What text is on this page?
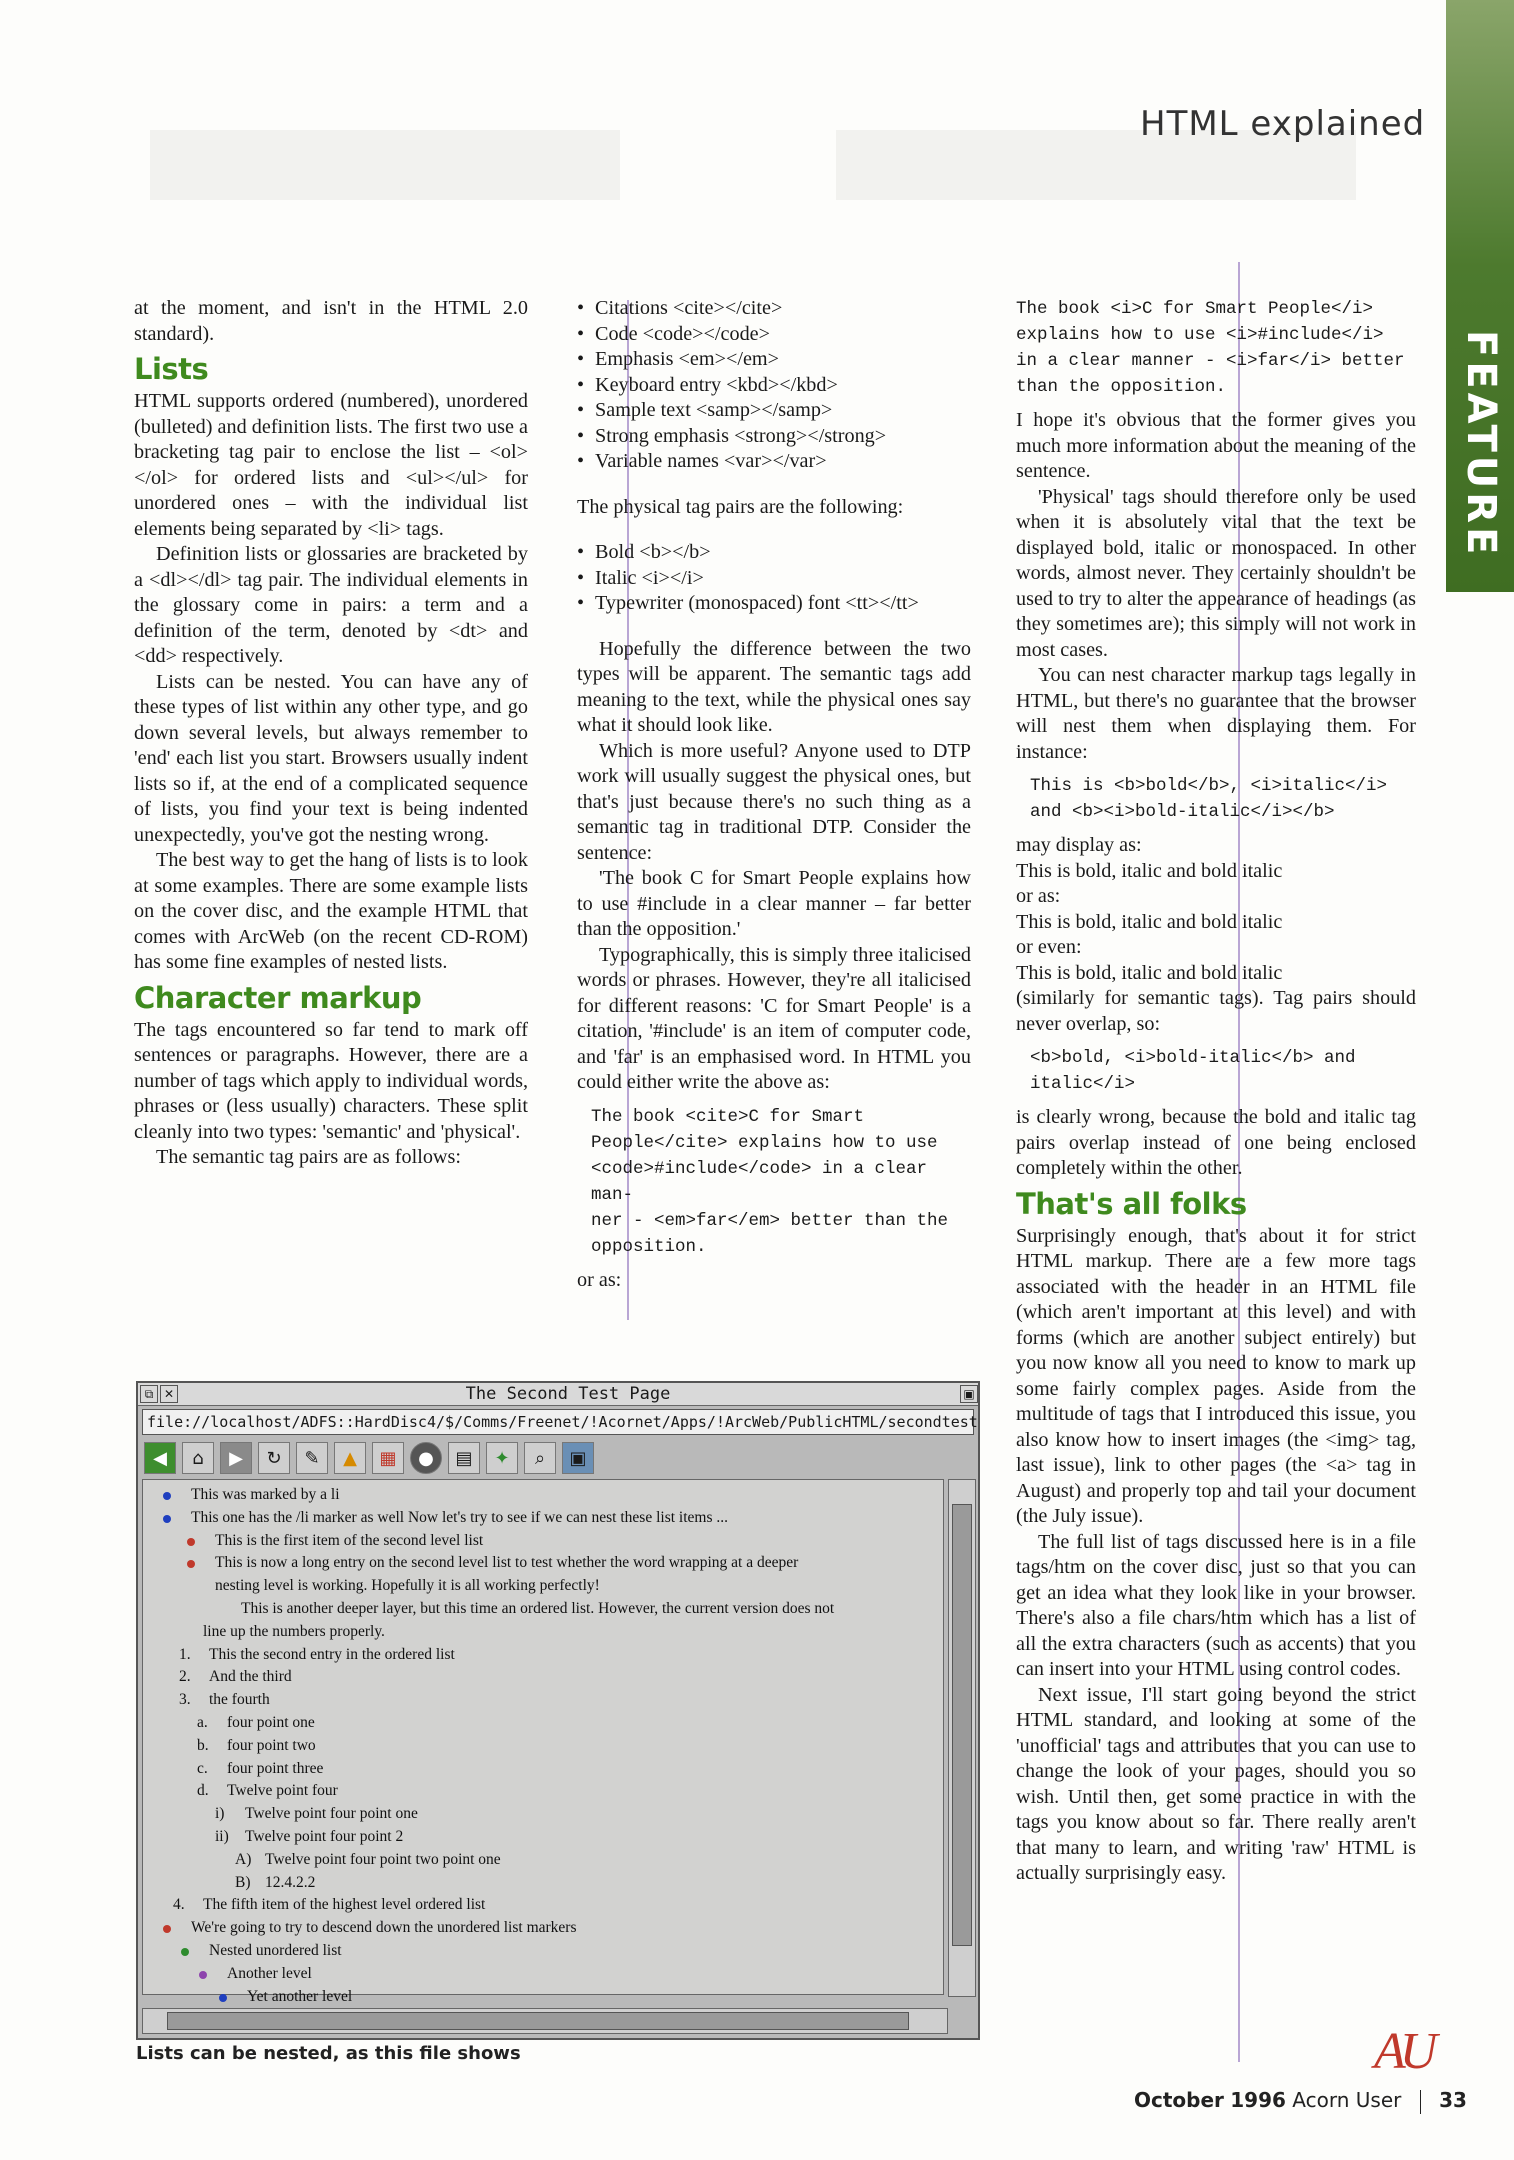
HTML explained
FEATURE

at the moment, and isn't in the HTML 2.0 standard).

Lists

HTML supports ordered (numbered), unordered (bulleted) and definition lists. The first two use a bracketing tag pair to enclose the list – <ol></ol> for ordered lists and <ul></ul> for unordered ones – with the individual list elements being separated by <li> tags.

Definition lists or glossaries are bracketed by a <dl></dl> tag pair. The individual elements in the glossary come in pairs: a term and a definition of the term, denoted by <dt> and <dd> respectively.

Lists can be nested. You can have any of these types of list within any other type, and go down several levels, but always remember to 'end' each list you start. Browsers usually indent lists so if, at the end of a complicated sequence of lists, you find your text is being indented unexpectedly, you've got the nesting wrong.

The best way to get the hang of lists is to look at some examples. There are some example lists on the cover disc, and the example HTML that comes with ArcWeb (on the recent CD-ROM) has some fine examples of nested lists.

Character markup

The tags encountered so far tend to mark off sentences or paragraphs. However, there are a number of tags which apply to individual words, phrases or (less usually) characters. These split cleanly into two types: 'semantic' and 'physical'.

The semantic tag pairs are as follows:

• Citations <cite></cite>
• Code <code></code>
• Emphasis <em></em>
• Keyboard entry <kbd></kbd>
• Sample text <samp></samp>
• Strong emphasis <strong></strong>
• Variable names <var></var>

The physical tag pairs are the following:

• Bold <b></b>
• Italic <i></i>
• Typewriter (monospaced) font <tt></tt>

Hopefully the difference between the two types will be apparent. The semantic tags add meaning to the text, while the physical ones say what it should look like.

Which is more useful? Anyone used to DTP work will usually suggest the physical ones, but that's just because there's no such thing as a semantic tag in traditional DTP. Consider the sentence:

'The book C for Smart People explains how to use #include in a clear manner – far better than the opposition.'

Typographically, this is simply three italicised words or phrases. However, they're all italicised for different reasons: 'C for Smart People' is a citation, '#include' is an item of computer code, and 'far' is an emphasised word. In HTML you could either write the above as:

The book <cite>C for Smart
People</cite> explains how to use
<code>#include</code> in a clear man-
ner - <em>far</em> better than the
opposition.

or as:

The book <i>C for Smart People</i>
explains how to use <i>#include</i>
in a clear manner - <i>far</i> better
than the opposition.

I hope it's obvious that the former gives you much more information about the meaning of the sentence.

'Physical' tags should therefore only be used when it is absolutely vital that the text be displayed bold, italic or monospaced. In other words, almost never. They certainly shouldn't be used to try to alter the appearance of headings (as they sometimes are); this simply will not work in most cases.

You can nest character markup tags legally in HTML, but there's no guarantee that the browser will nest them when displaying them. For instance:

This is <b>bold</b>, <i>italic</i>
and <b><i>bold-italic</i></b>

may display as:

This is bold, italic and bold italic

or as:

This is bold, italic and bold italic

or even:

This is bold, italic and bold italic

(similarly for semantic tags). Tag pairs should never overlap, so:

<b>bold, <i>bold-italic</b> and
italic</i>

is clearly wrong, because the bold and italic tag pairs overlap instead of one being enclosed completely within the other.

That's all folks

Surprisingly enough, that's about it for strict HTML markup. There are a few more tags associated with the header in an HTML file (which aren't important at this level) and with forms (which are another subject entirely) but you now know all you need to know to mark up some fairly complex pages. Aside from the multitude of tags that I introduced this issue, you also know how to insert images (the <img> tag, last issue), link to other pages (the <a> tag in August) and properly top and tail your document (the July issue).

The full list of tags discussed here is in a file tags/htm on the cover disc, just so that you can get an idea what they look like in your browser. There's also a file chars/htm which has a list of all the extra characters (such as accents) that you can insert into your HTML using control codes.

Next issue, I'll start going beyond the strict HTML standard, and looking at some of the 'unofficial' tags and attributes that you can use to change the look of your pages, should you so wish. Until then, get some practice in with the tags you know about so far. There really aren't that many to learn, and writing 'raw' HTML is actually surprisingly easy.

⧉ ✕	The Second Test Page	▣
file://localhost/ADFS::HardDisc4/$/Comms/Freenet/!Acornet/Apps/!ArcWeb/PublicHTML/secondtest
◀	⌂	▶	↻	✎	▲	▦	●	▤	✦	⌕	▣
This was marked by a li
This one has the /li marker as well Now let's try to see if we can nest these list items ...
This is the first item of the second level list
This is now a long entry on the second level list to test whether the word wrapping at a deeper
nesting level is working. Hopefully it is all working perfectly!
This is another deeper layer, but this time an ordered list. However, the current version does not
line up the numbers properly.
1. This the second entry in the ordered list
2. And the third
3. the fourth
a. four point one
b. four point two
c. four point three
d. Twelve point four
i) Twelve point four point one
ii) Twelve point four point 2
A) Twelve point four point two point one
B) 12.4.2.2
4. The fifth item of the highest level ordered list
We're going to try to descend down the unordered list markers
Nested unordered list
Another level
Yet another level
Lists can be nested, as this file shows	AU
October 1996 Acorn User 33
